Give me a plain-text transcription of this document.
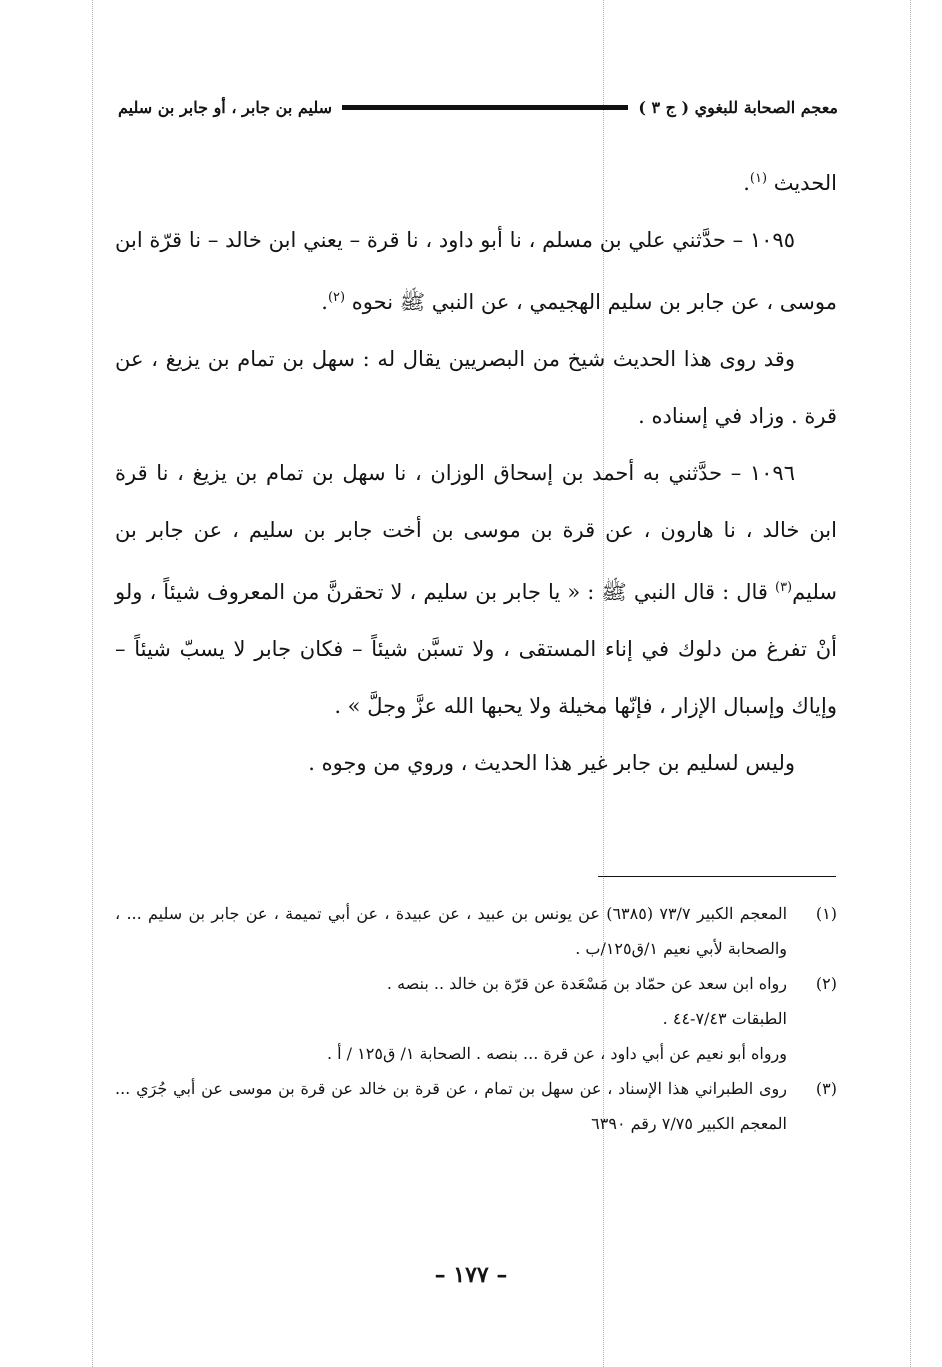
معجم الصحابة للبغوي ( ج ٣ )
سليم بن جابر ، أو جابر بن سليم

الحديث $^{(١)}$.

١٠٩٥ – حدَّثني علي بن مسلم ، نا أبو داود ، نا قرة – يعني ابن خالد – نا قرّة ابن موسى ، عن جابر بن سليم الهجيمي ، عن النبي ﷺ نحوه $^{(٢)}$.

وقد روى هذا الحديث شيخ من البصريين يقال له : سهل بن تمام بن يزيغ ، عن قرة . وزاد في إسناده .

١٠٩٦ – حدَّثني به أحمد بن إسحاق الوزان ، نا سهل بن تمام بن يزيغ ، نا قرة ابن خالد ، نا هارون ، عن قرة بن موسى بن أخت جابر بن سليم ، عن جابر بن سليم$^{(٣)}$ قال : قال النبي ﷺ : « يا جابر بن سليم ، لا تحقرنَّ من المعروف شيئاً ، ولو أنْ تفرغ من دلوك في إناء المستقى ، ولا تسبَّن شيئاً – فكان جابر لا يسبّ شيئاً – وإياك وإسبال الإزار ، فإنّها مخيلة ولا يحبها الله عزَّ وجلَّ » .

وليس لسليم بن جابر غير هذا الحديث ، وروي من وجوه .

(١)
المعجم الكبير ٧٣/٧ (٦٣٨٥) عن يونس بن عبيد ، عن عبيدة ، عن أبي تميمة ، عن جابر بن سليم ... ، والصحابة لأبي نعيم ١/ق١٢٥/ب .
(٢)
رواه ابن سعد عن حمّاد بن مَسْعَدة عن قرّة بن خالد .. بنصه .
الطبقات ٧/٤٣-٤٤ .
ورواه أبو نعيم عن أبي داود ، عن قرة ... بنصه . الصحابة ١/ ق١٢٥ / أ .
(٣)
روى الطبراني هذا الإسناد ، عن سهل بن تمام ، عن قرة بن خالد عن قرة بن موسى عن أبي جُرَي ... المعجم الكبير ٧/٧٥ رقم ٦٣٩٠
– ١٧٧ –
